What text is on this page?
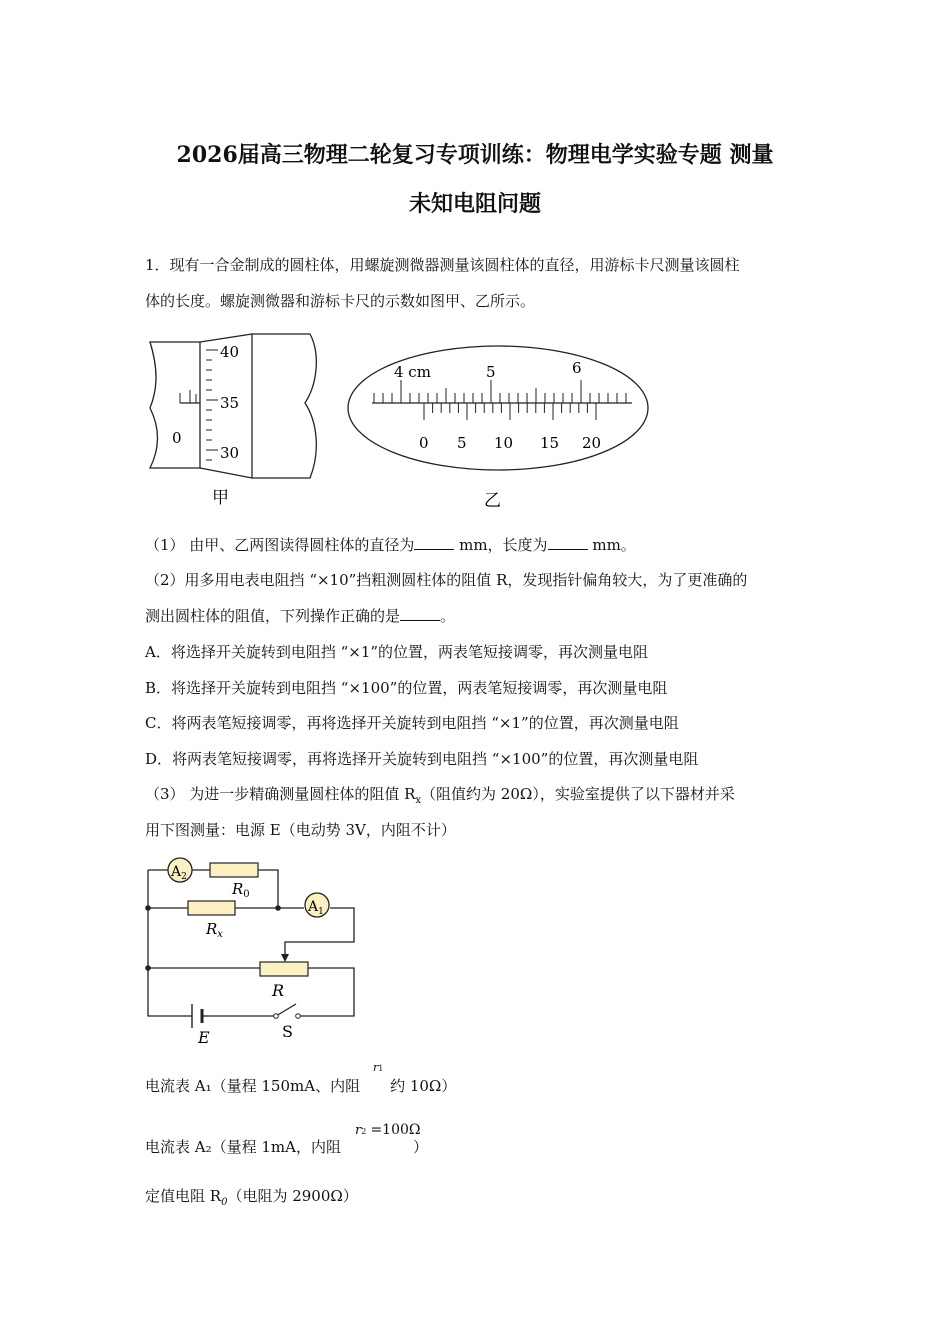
2026届高三物理二轮复习专项训练：物理电学实验专题 测量
未知电阻问题
1．现有一合金制成的圆柱体，用螺旋测微器测量该圆柱体的直径，用游标卡尺测量该圆柱
体的长度。螺旋测微器和游标卡尺的示数如图甲、乙所示。
40
35
30
0
甲
4 cm	5	6
0 5 10 15 20
乙
（1） 由甲、乙两图读得圆柱体的直径为	mm，长度为	mm。
（2）用多用电表电阻挡 “×10”挡粗测圆柱体的阻值 R，发现指针偏角较大，为了更准确的
测出圆柱体的阻值，下列操作正确的是	。
A．将选择开关旋转到电阻挡 “×1”的位置，两表笔短接调零，再次测量电阻
B．将选择开关旋转到电阻挡 “×100”的位置，两表笔短接调零，再次测量电阻
C．将两表笔短接调零，再将选择开关旋转到电阻挡 “×1”的位置，再次测量电阻
D．将两表笔短接调零，再将选择开关旋转到电阻挡 “×100”的位置，再次测量电阻
（3） 为进一步精确测量圆柱体的阻值 $R_x$（阻值约为 20Ω），实验室提供了以下器材并采
用下图测量：电源 E（电动势 3V，内阻不计）
$A_2$
$A_1$
$R_0$
$R_x$
R
E	S
电流表 A₁（量程 150mA、内阻 约 10Ω）
r1
电流表 A₂（量程 1mA，内阻	）
r2 =100Ω
定值电阻 $R_0$（电阻为 2900Ω）
